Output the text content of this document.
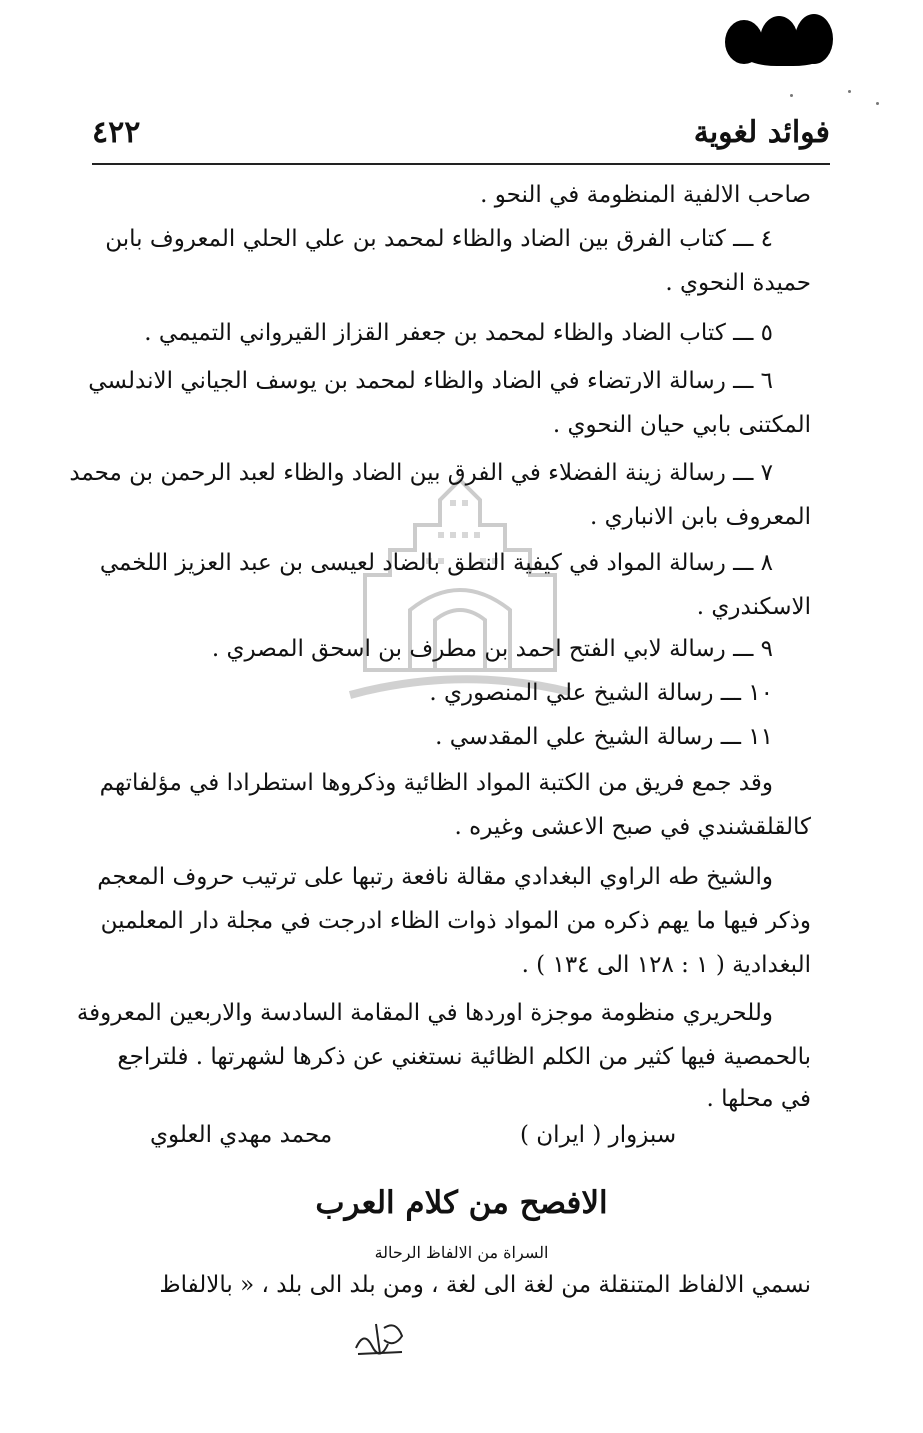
٤٢٢	فوائد لغوية
صاحب الالفية المنظومة في النحو .
٤ ـــ كتاب الفرق بين الضاد والظاء لمحمد بن علي الحلي المعروف بابن
حميدة النحوي .
٥ ـــ كتاب الضاد والظاء لمحمد بن جعفر القزاز القيرواني التميمي .
٦ ـــ رسالة الارتضاء في الضاد والظاء لمحمد بن يوسف الجياني الاندلسي
المكتنى بابي حيان النحوي .
٧ ـــ رسالة زينة الفضلاء في الفرق بين الضاد والظاء لعبد الرحمن بن محمد
المعروف بابن الانباري .
٨ ـــ رسالة المواد في كيفية النطق بالضاد لعيسى بن عبد العزيز اللخمي
الاسكندري .
٩ ـــ رسالة لابي الفتح احمد بن مطرف بن اسحق المصري .
١٠ ـــ رسالة الشيخ علي المنصوري .
١١ ـــ رسالة الشيخ علي المقدسي .
وقد جمع فريق من الكتبة المواد الظائية وذكروها استطرادا في مؤلفاتهم
كالقلقشندي في صبح الاعشى وغيره .
والشيخ طه الراوي البغدادي مقالة نافعة رتبها على ترتيب حروف المعجم
وذكر فيها ما يهم ذكره من المواد ذوات الظاء ادرجت في مجلة دار المعلمين
البغدادية ( ١ : ١٢٨ الى ١٣٤ ) .
وللحريري منظومة موجزة اوردها في المقامة السادسة والاربعين المعروفة
بالحمصية فيها كثير من الكلم الظائية نستغني عن ذكرها لشهرتها . فلتراجع
في محلها .
سبزوار ( ايران )
محمد مهدي العلوي
الافصح من كلام العرب
السراة من الالفاظ الرحالة
نسمي الالفاظ المتنقلة من لغة الى لغة ، ومن بلد الى بلد ، « بالالفاظ
